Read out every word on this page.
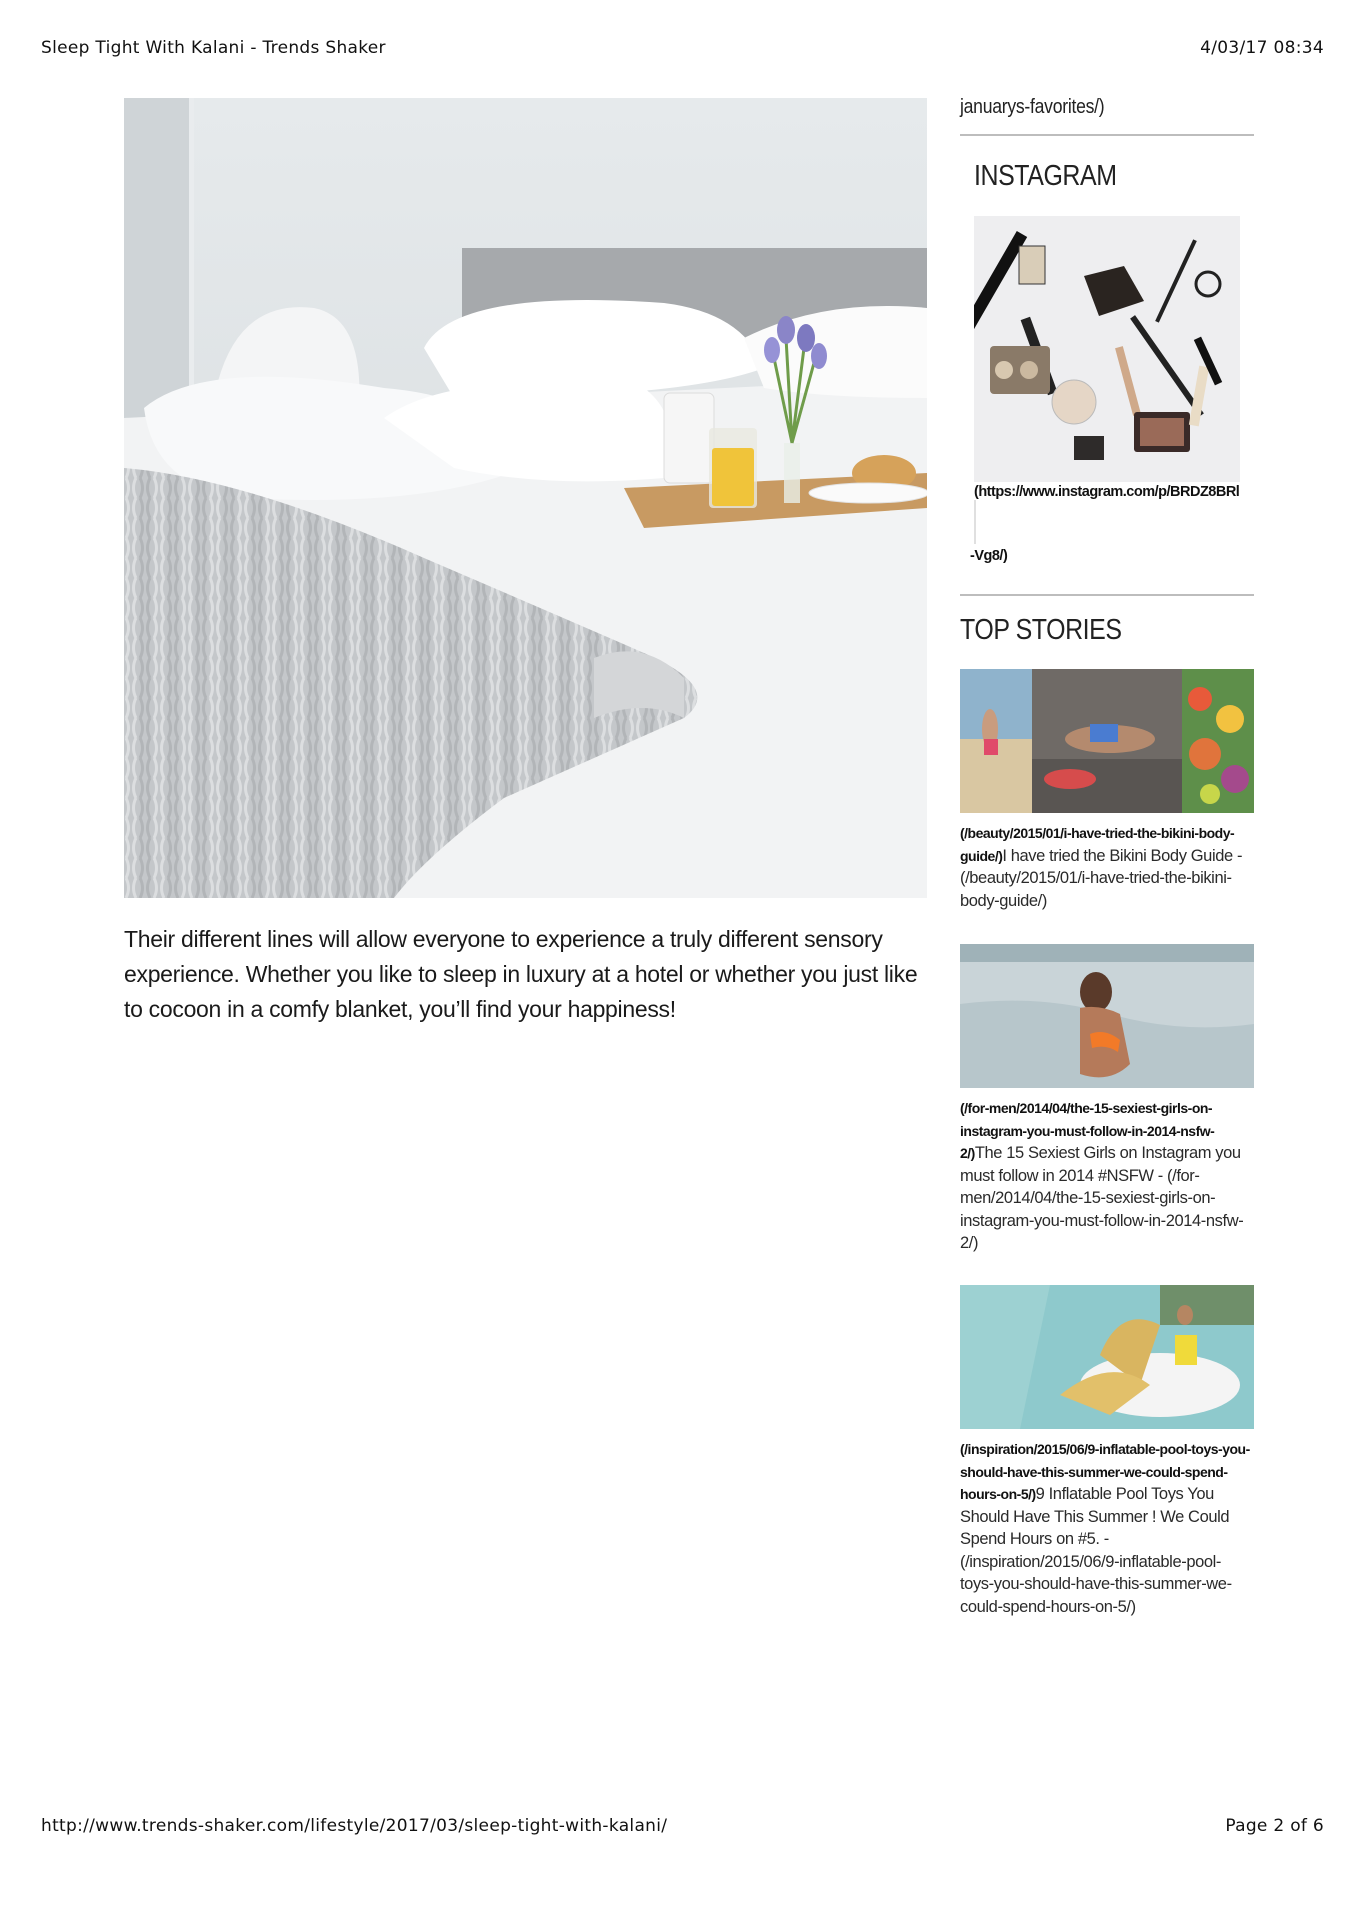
Sleep Tight With Kalani - Trends Shaker	4/03/17 08:34

Their different lines will allow everyone to experience a truly different sensory experience. Whether you like to sleep in luxury at a hotel or whether you just like to cocoon in a comfy blanket, you’ll find your happiness!

januarys-favorites/)
INSTAGRAM
(https://www.instagram.com/p/BRDZ8BRl
-Vg8/)
TOP STORIES
(/beauty/2015/01/i-have-tried-the-bikini-body-guide/)I have tried the Bikini Body Guide - (/beauty/2015/01/i-have-tried-the-bikini-body-guide/)
(/for-men/2014/04/the-15-sexiest-girls-on-instagram-you-must-follow-in-2014-nsfw-2/)The 15 Sexiest Girls on Instagram you must follow in 2014 #NSFW - (/for-men/2014/04/the-15-sexiest-girls-on-instagram-you-must-follow-in-2014-nsfw-2/)
(/inspiration/2015/06/9-inflatable-pool-toys-you-should-have-this-summer-we-could-spend-hours-on-5/)9 Inflatable Pool Toys You Should Have This Summer ! We Could Spend Hours on #5. - (/inspiration/2015/06/9-inflatable-pool-toys-you-should-have-this-summer-we-could-spend-hours-on-5/)
http://www.trends-shaker.com/lifestyle/2017/03/sleep-tight-with-kalani/	Page 2 of 6
